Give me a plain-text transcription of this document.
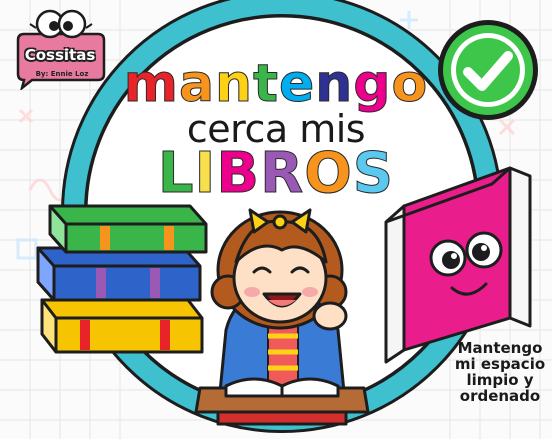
Cossitas
By: Ennie Loz mantengo
cerca mis
LIBROS
Mantengo
mi espacio
limpio y
ordenado
